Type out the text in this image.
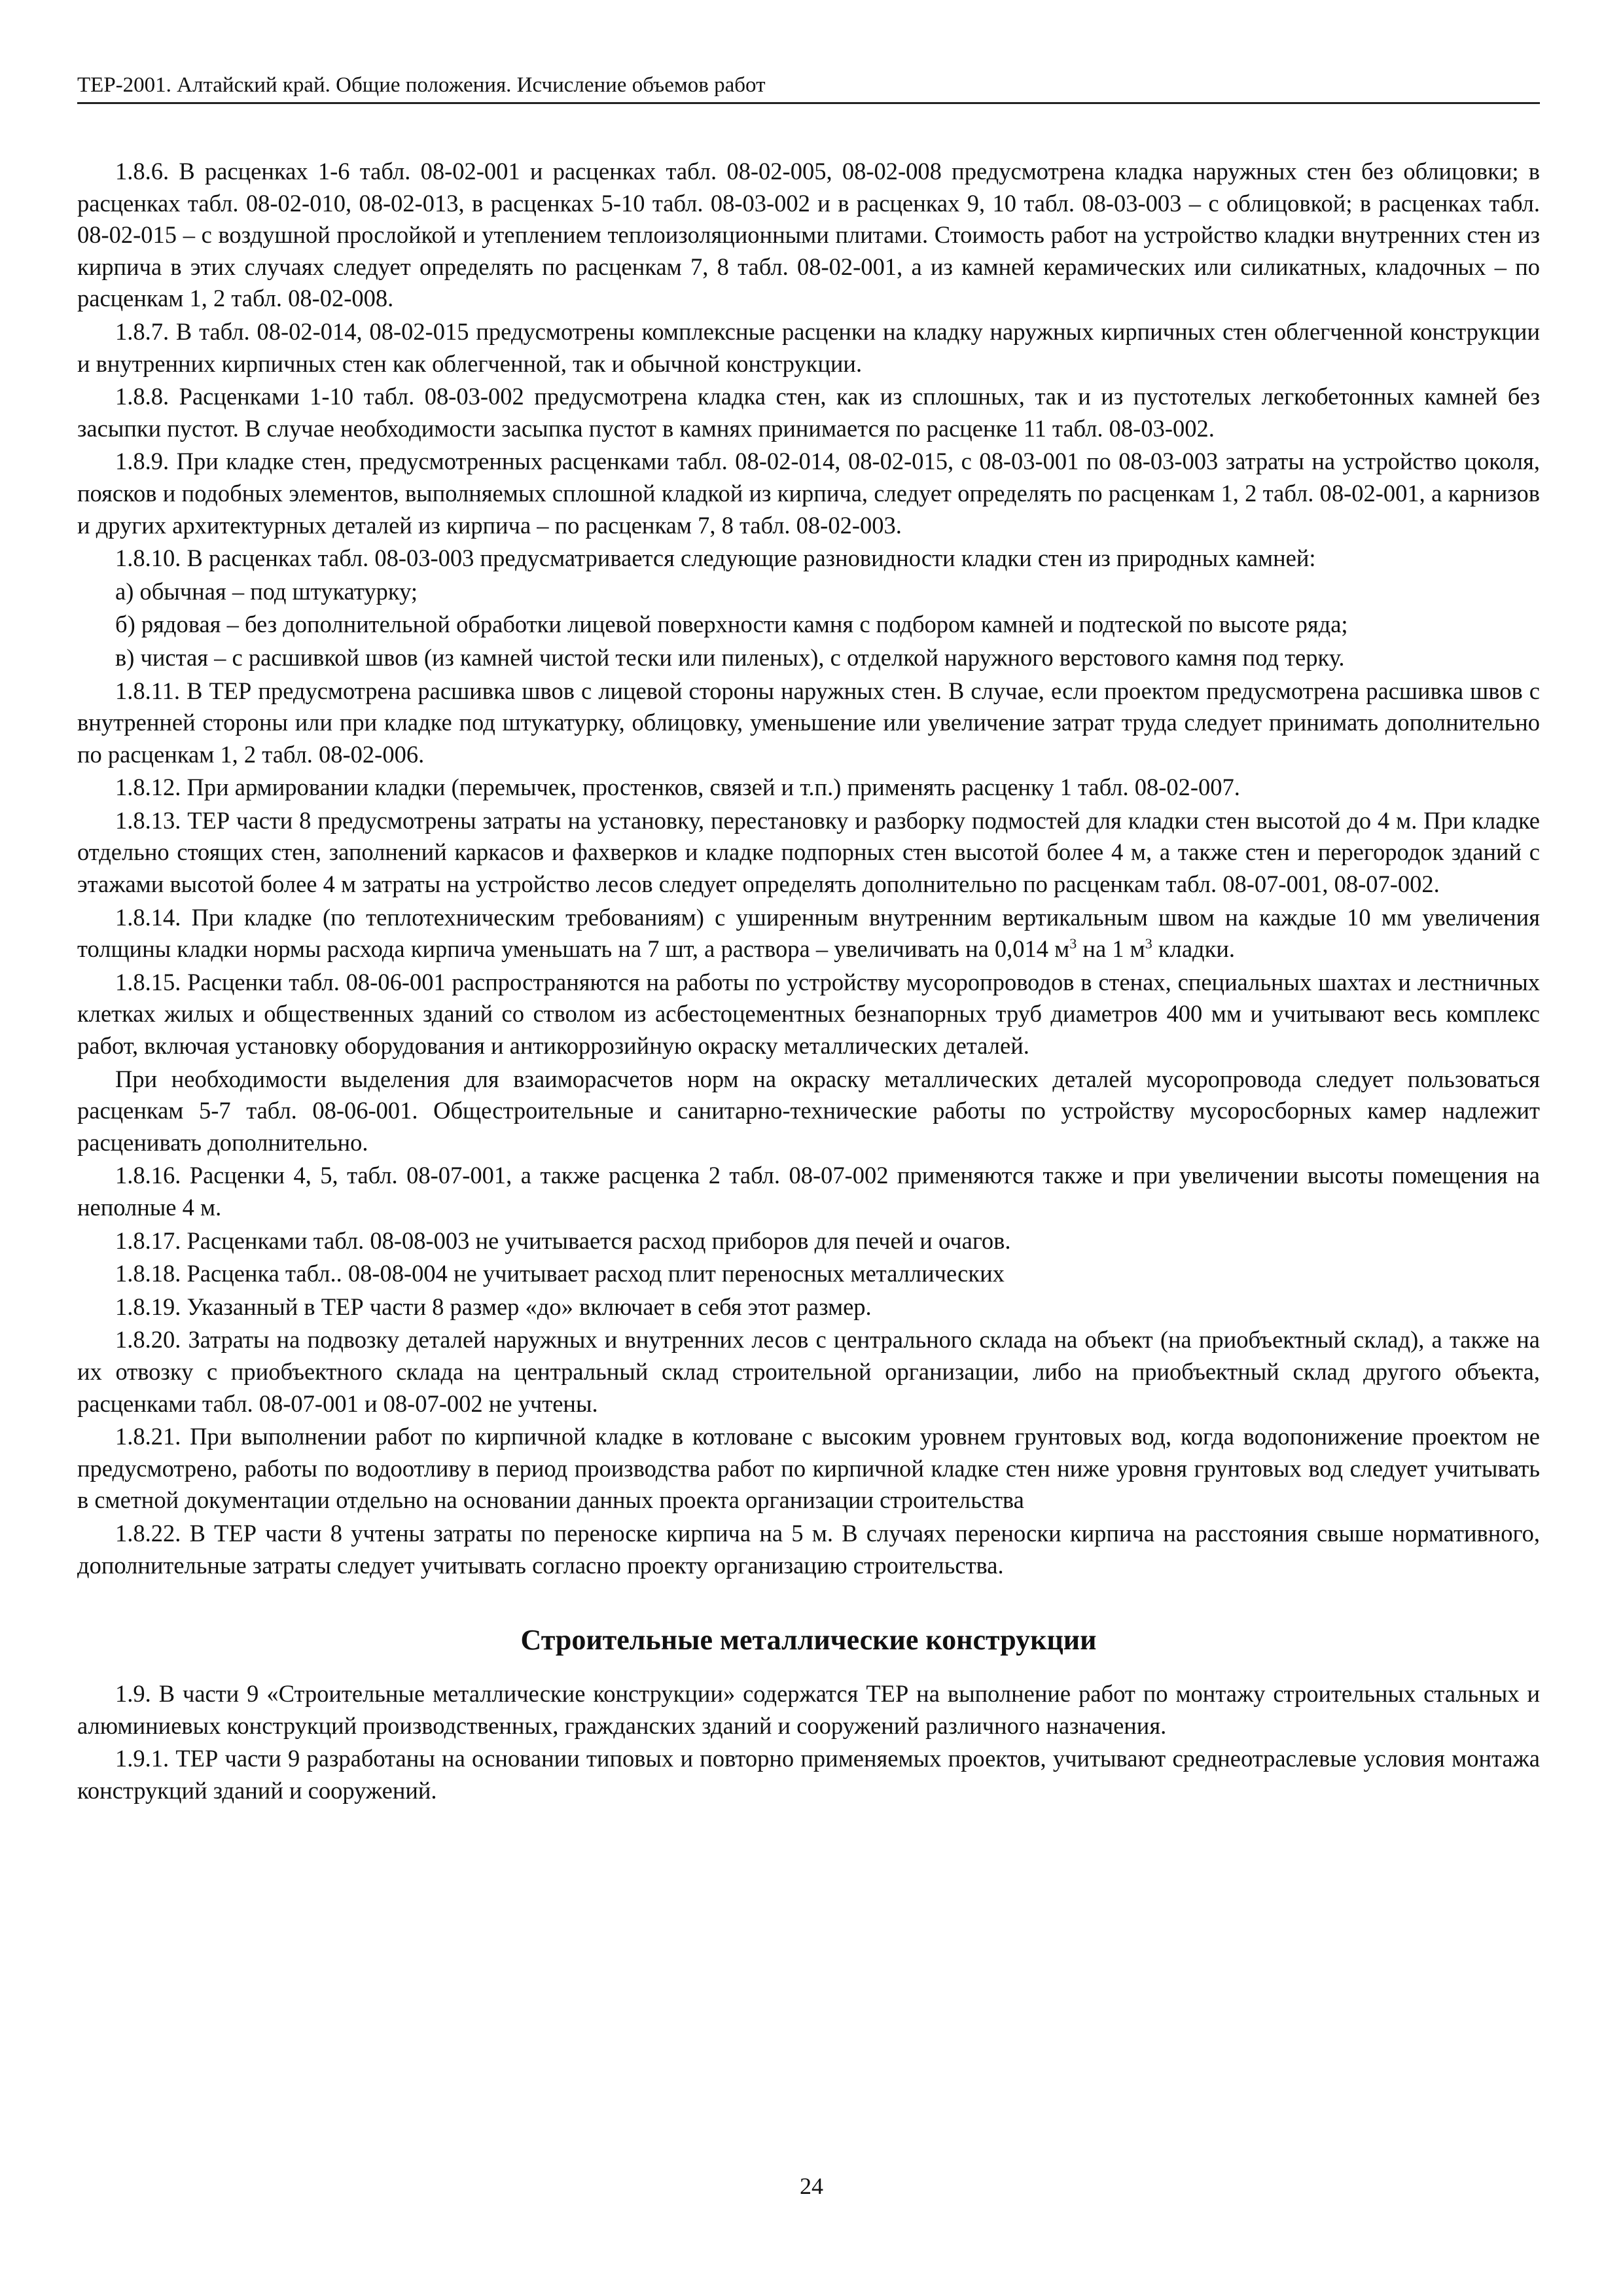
ТЕР-2001. Алтайский край. Общие положения. Исчисление объемов работ

1.8.6. В расценках 1-6 табл. 08-02-001 и расценках табл. 08-02-005, 08-02-008 предусмотрена кладка наружных стен без облицовки; в расценках табл. 08-02-010, 08-02-013, в расценках 5-10 табл. 08-03-002 и в расценках 9, 10 табл. 08-03-003 – с облицовкой; в расценках табл. 08-02-015 – с воздушной прослойкой и утеплением теплоизоляционными плитами. Стоимость работ на устройство кладки внутренних стен из кирпича в этих случаях следует определять по расценкам 7, 8 табл. 08-02-001, а из камней керамических или силикатных, кладочных – по расценкам 1, 2 табл. 08-02-008.

1.8.7. В табл. 08-02-014, 08-02-015 предусмотрены комплексные расценки на кладку наружных кирпичных стен облегченной конструкции и внутренних кирпичных стен как облегченной, так и обычной конструкции.

1.8.8. Расценками 1-10 табл. 08-03-002 предусмотрена кладка стен, как из сплошных, так и из пустотелых легкобетонных камней без засыпки пустот. В случае необходимости засыпка пустот в камнях принимается по расценке 11 табл. 08-03-002.

1.8.9. При кладке стен, предусмотренных расценками табл. 08-02-014, 08-02-015, с 08-03-001 по 08-03-003 затраты на устройство цоколя, поясков и подобных элементов, выполняемых сплошной кладкой из кирпича, следует определять по расценкам 1, 2 табл. 08-02-001, а карнизов и других архитектурных деталей из кирпича – по расценкам 7, 8 табл. 08-02-003.

1.8.10. В расценках табл. 08-03-003 предусматривается следующие разновидности кладки стен из природных камней:

а) обычная – под штукатурку;

б) рядовая – без дополнительной обработки лицевой поверхности камня с подбором камней и подтеской по высоте ряда;

в) чистая – с расшивкой швов (из камней чистой тески или пиленых), с отделкой наружного верстового камня под терку.

1.8.11. В ТЕР предусмотрена расшивка швов с лицевой стороны наружных стен. В случае, если проектом предусмотрена расшивка швов с внутренней стороны или при кладке под штукатурку, облицовку, уменьшение или увеличение затрат труда следует принимать дополнительно по расценкам 1, 2 табл. 08-02-006.

1.8.12. При армировании кладки (перемычек, простенков, связей и т.п.) применять расценку 1 табл. 08-02-007.

1.8.13. ТЕР части 8 предусмотрены затраты на установку, перестановку и разборку подмостей для кладки стен высотой до 4 м. При кладке отдельно стоящих стен, заполнений каркасов и фахверков и кладке подпорных стен высотой более 4 м, а также стен и перегородок зданий с этажами высотой более 4 м затраты на устройство лесов следует определять дополнительно по расценкам табл. 08-07-001, 08-07-002.

1.8.14. При кладке (по теплотехническим требованиям) с уширенным внутренним вертикальным швом на каждые 10 мм увеличения толщины кладки нормы расхода кирпича уменьшать на 7 шт, а раствора – увеличивать на 0,014 $м^3$ на 1 $м^3$ кладки.

1.8.15. Расценки табл. 08-06-001 распространяются на работы по устройству мусоропроводов в стенах, специальных шахтах и лестничных клетках жилых и общественных зданий со стволом из асбестоцементных безнапорных труб диаметров 400 мм и учитывают весь комплекс работ, включая установку оборудования и антикоррозийную окраску металлических деталей.

При необходимости выделения для взаиморасчетов норм на окраску металлических деталей мусоропровода следует пользоваться расценкам 5-7 табл. 08-06-001. Общестроительные и санитарно-технические работы по устройству мусоросборных камер надлежит расценивать дополнительно.

1.8.16. Расценки 4, 5, табл. 08-07-001, а также расценка 2 табл. 08-07-002 применяются также и при увеличении высоты помещения на неполные 4 м.

1.8.17. Расценками табл. 08-08-003 не учитывается расход приборов для печей и очагов.

1.8.18. Расценка табл.. 08-08-004 не учитывает расход плит переносных металлических

1.8.19. Указанный в ТЕР части 8 размер «до» включает в себя этот размер.

1.8.20. Затраты на подвозку деталей наружных и внутренних лесов с центрального склада на объект (на приобъектный склад), а также на их отвозку с приобъектного склада на центральный склад строительной организации, либо на приобъектный склад другого объекта, расценками табл. 08-07-001 и 08-07-002 не учтены.

1.8.21. При выполнении работ по кирпичной кладке в котловане с высоким уровнем грунтовых вод, когда водопонижение проектом не предусмотрено, работы по водоотливу в период производства работ по кирпичной кладке стен ниже уровня грунтовых вод следует учитывать в сметной документации отдельно на основании данных проекта организации строительства

1.8.22. В ТЕР части 8 учтены затраты по переноске кирпича на 5 м. В случаях переноски кирпича на расстояния свыше нормативного, дополнительные затраты следует учитывать согласно проекту организацию строительства.

Строительные металлические конструкции

1.9. В части 9 «Строительные металлические конструкции» содержатся ТЕР на выполнение работ по монтажу строительных стальных и алюминиевых конструкций производственных, гражданских зданий и сооружений различного назначения.

1.9.1. ТЕР части 9 разработаны на основании типовых и повторно применяемых проектов, учитывают среднеотраслевые условия монтажа конструкций зданий и сооружений.

24
